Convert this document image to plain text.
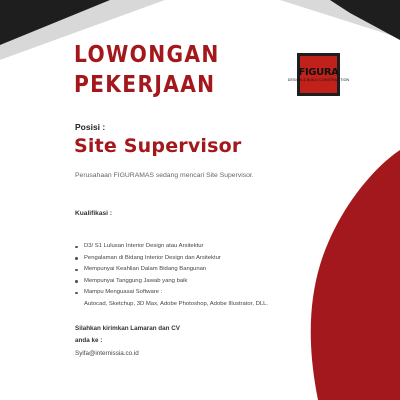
LOWONGAN
PEKERJAAN	FIGURA
DESIGN & BUILD CONSTRUCTION
Posisi :
Site Supervisor
Perusahaan FIGURAMAS sedang mencari Site Supervisor.
Kualifikasi :
D3/ S1 Lulusan Interior Design atau Arsitektur
Pengalaman di Bidang Interior Design dan Arsitektur
Mempunyai Keahlian Dalam Bidang Bangunan
Mempunyai Tanggung Jawab yang baik
Mampu Menguasai Software :
Autocad, Sketchup, 3D Max, Adobe Photoshop, Adobe Illustrator, DLL.
Silahkan kirimkan Lamaran dan CV anda ke :
Syifa@internissia.co.id
